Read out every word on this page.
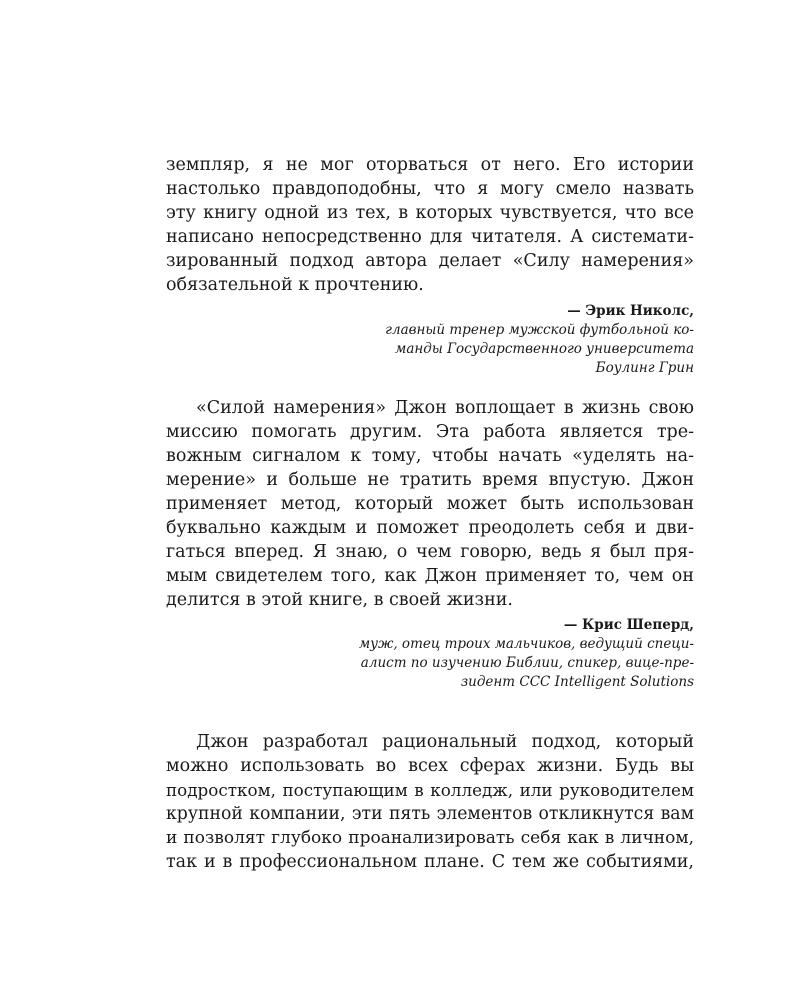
земпляр, я не мог оторваться от него. Его истории
настолько правдоподобны, что я могу смело назвать
эту книгу одной из тех, в которых чувствуется, что все
написано непосредственно для читателя. А системати-
зированный подход автора делает «Силу намерения»
обязательной к прочтению.
— Эрик Николс,
главный тренер мужской футбольной ко-
манды Государственного университета
Боулинг Грин
«Силой намерения» Джон воплощает в жизнь свою
миссию помогать другим. Эта работа является тре-
вожным сигналом к тому, чтобы начать «уделять на-
мерение» и больше не тратить время впустую. Джон
применяет метод, который может быть использован
буквально каждым и поможет преодолеть себя и дви-
гаться вперед. Я знаю, о чем говорю, ведь я был пря-
мым свидетелем того, как Джон применяет то, чем он
делится в этой книге, в своей жизни.
— Крис Шеперд,
муж, отец троих мальчиков, ведущий специ-
алист по изучению Библии, спикер, вице-пре-
зидент CCC Intelligent Solutions
Джон разработал рациональный подход, который
можно использовать во всех сферах жизни. Будь вы
подростком, поступающим в колледж, или руководителем
крупной компании, эти пять элементов откликнутся вам
и позволят глубоко проанализировать себя как в личном,
так и в профессиональном плане. С тем же событиями,
